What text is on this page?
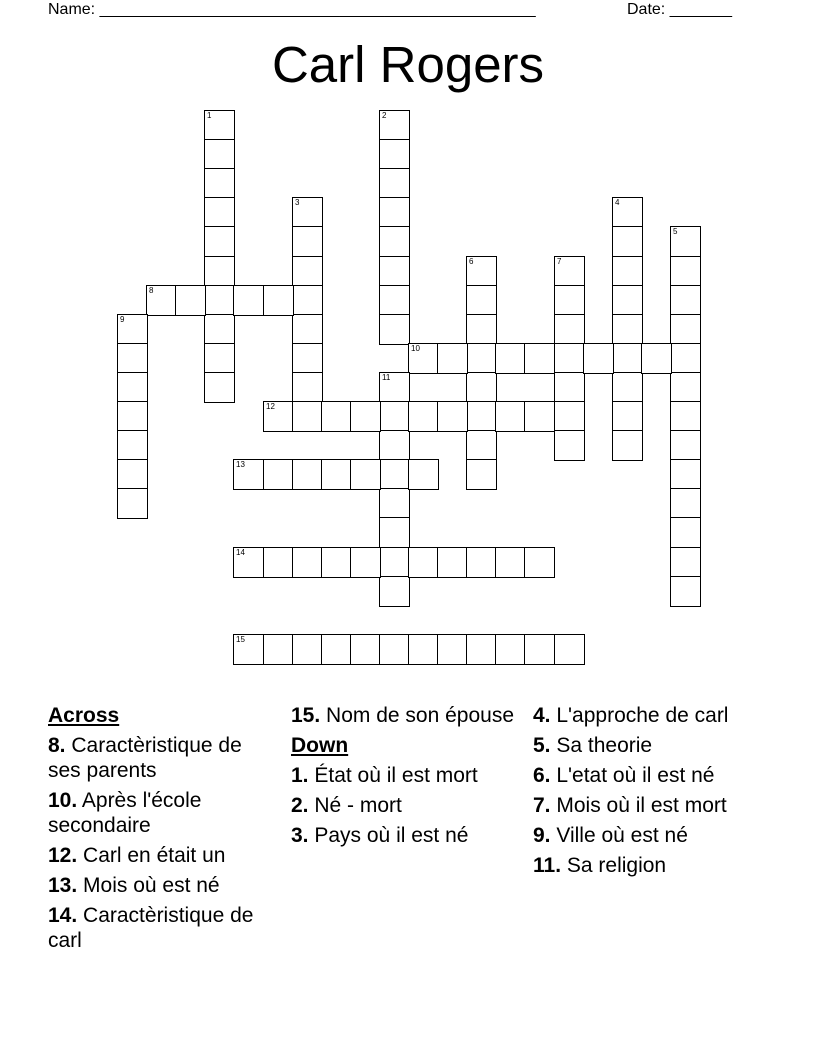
Name: _________________________________________________	Date: _______
Carl Rogers
1	2
3	4
5
6	7
8
9
10
11
12
13
14
15
Across
8. Caractèristique de ses parents
10. Après l'école secondaire
12. Carl en était un
13. Mois où est né
14. Caractèristique de carl
15. Nom de son épouse
Down
1. État où il est mort
2. Né - mort
3. Pays où il est né
4. L'approche de carl
5. Sa theorie
6. L'etat où il est né
7. Mois où il est mort
9. Ville où est né
11. Sa religion
